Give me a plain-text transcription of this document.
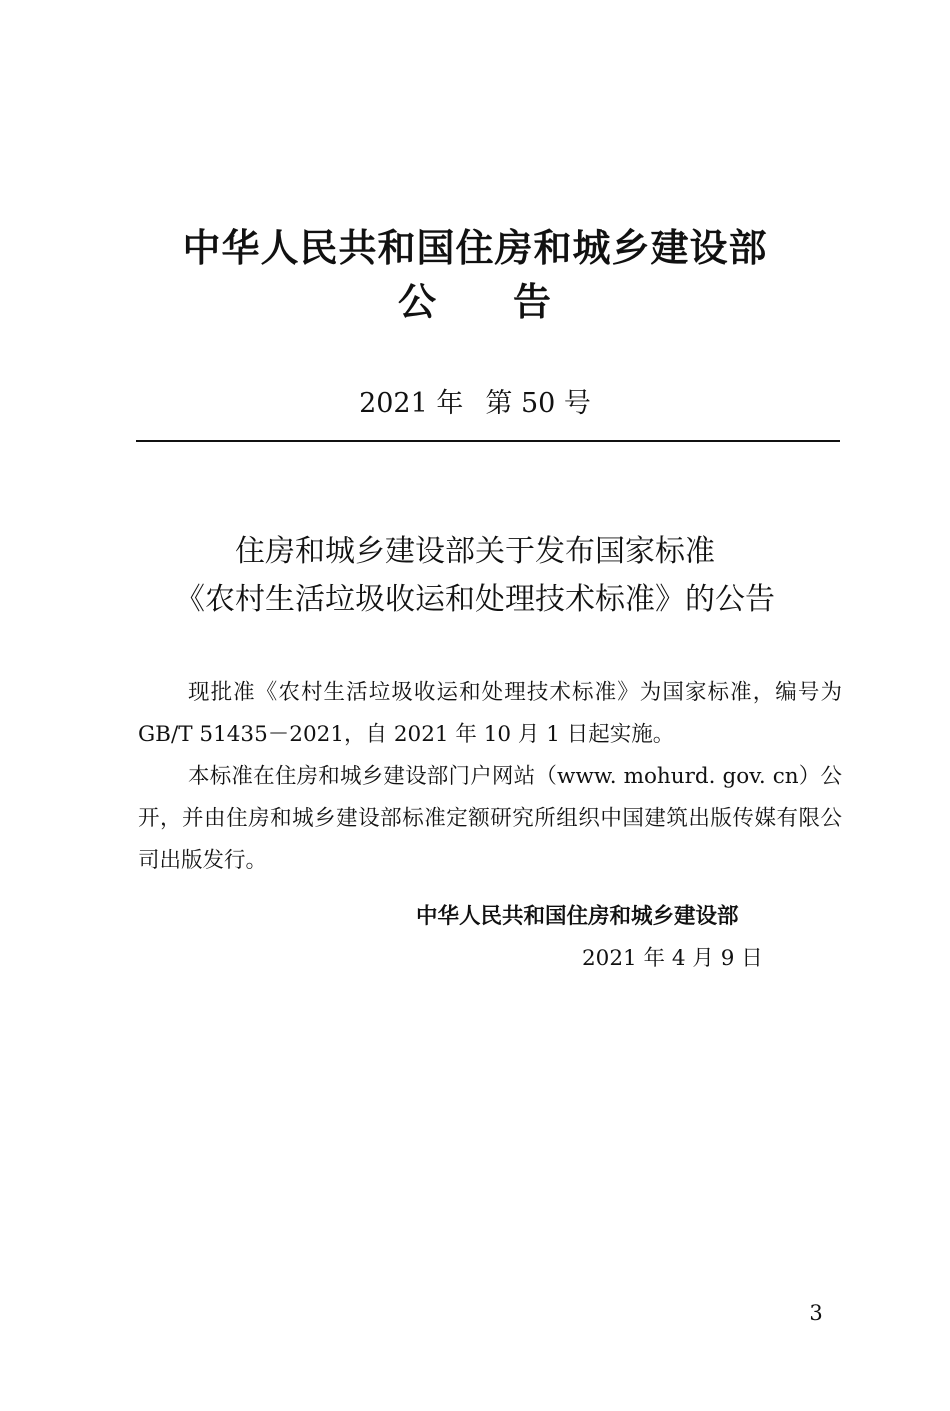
中华人民共和国住房和城乡建设部
公 告
2021 年 第 50 号
住房和城乡建设部关于发布国家标准
《农村生活垃圾收运和处理技术标准》的公告

现批准《农村生活垃圾收运和处理技术标准》为国家标准，编号为 GB/T 51435－2021，自 2021 年 10 月 1 日起实施。

本标准在住房和城乡建设部门户网站（www. mohurd. gov. cn）公开，并由住房和城乡建设部标准定额研究所组织中国建筑出版传媒有限公司出版发行。

中华人民共和国住房和城乡建设部
2021 年 4 月 9 日
3
